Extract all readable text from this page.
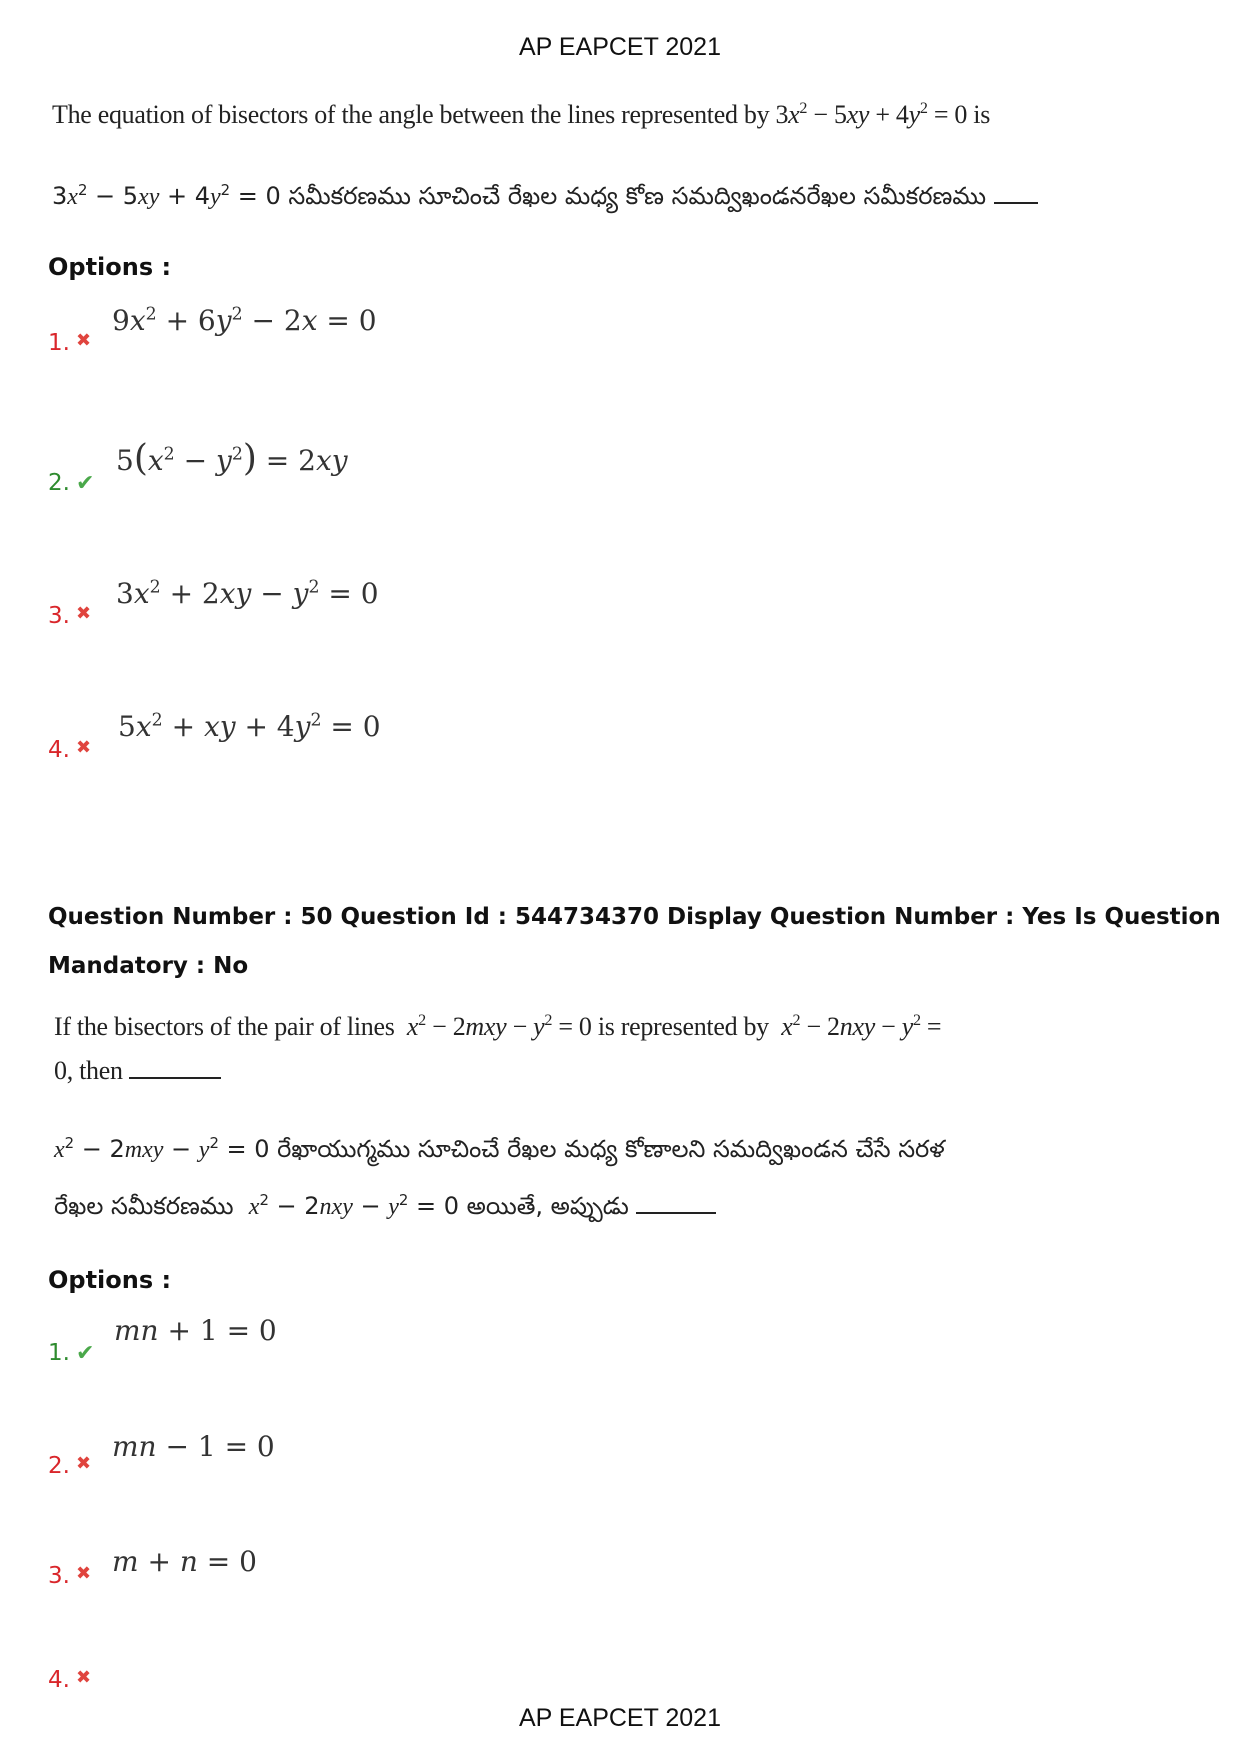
AP EAPCET 2021
The equation of bisectors of the angle between the lines represented by $3x^2 - 5xy + 4y^2 = 0$ is
$3x^2 - 5xy + 4y^2 = 0$ సమీకరణము సూచించే రేఖల మధ్య కోణ సమద్విఖండనరేఖల సమీకరణము
Options :
1. ✖
$9x^2 + 6y^2 - 2x = 0$
2. ✔
$5(x^2 - y^2) = 2xy$
3. ✖
$3x^2 + 2xy - y^2 = 0$
4. ✖
$5x^2$ + xy + $4y^2 = 0$
Question Number : 50 Question Id : 544734370 Display Question Number : Yes Is Question
Mandatory : No
If the bisectors of the pair of lines  $x^2 - 2mxy - y^2 = 0$ is represented by  $x^2 - 2nxy - y^2$ =
0, then
$x^2 - 2mxy - y^2 = 0$ రేఖాయుగ్మము సూచించే రేఖల మధ్య కోణాలని సమద్విఖండన చేసే సరళ
రేఖల సమీకరణము  $x^2 - 2nxy - y^2 = 0$ అయితే, అప్పుడు
Options :
1. ✔
mn + 1 = 0
2. ✖
mn − 1 = 0
3. ✖ m + n = 0
4. ✖
AP EAPCET 2021
